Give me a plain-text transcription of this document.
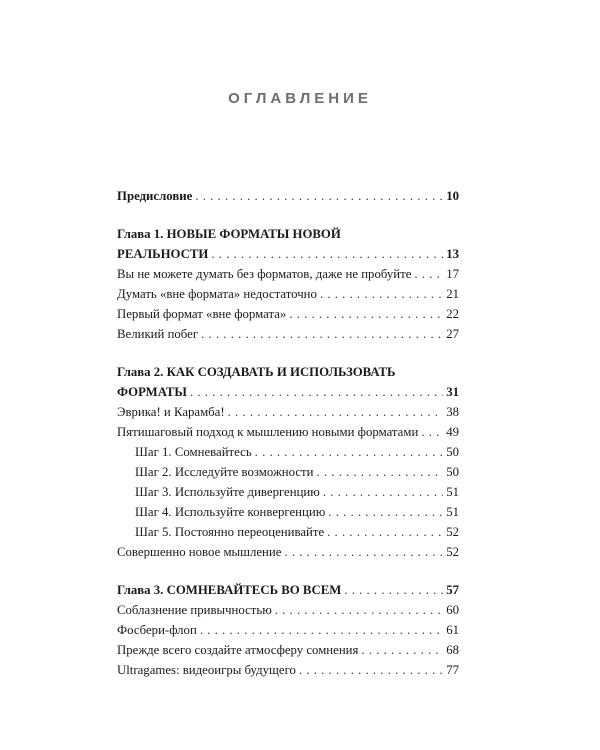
ОГЛАВЛЕНИЕ
Предисловие . . .	10
Глава 1. НОВЫЕ ФОРМАТЫ НОВОЙ
РЕАЛЬНОСТИ . . .	13
Вы не можете думать без форматов, даже не пробуйте . . .	17
Думать «вне формата» недостаточно . . .	21
Первый формат «вне формата» . . .	22
Великий побег . . .	27
Глава 2. КАК СОЗДАВАТЬ И ИСПОЛЬЗОВАТЬ
ФОРМАТЫ . . .	31
Эврика! и Карамба! . . .	38
Пятишаговый подход к мышлению новыми форматами . . . 49
Шаг 1. Сомневайтесь . . .	50
Шаг 2. Исследуйте возможности . . .	50
Шаг 3. Используйте дивергенцию . . .	51
Шаг 4. Используйте конвергенцию . . .	51
Шаг 5. Постоянно переоценивайте . . .	52
Совершенно новое мышление . . .	52
Глава 3. СОМНЕВАЙТЕСЬ ВО ВСЕМ . . .	57
Соблазнение привычностью . . .	60
Фосбери-флоп . . .	61
Прежде всего создайте атмосферу сомнения . . .	68
Ultragames: видеоигры будущего . . .	77
